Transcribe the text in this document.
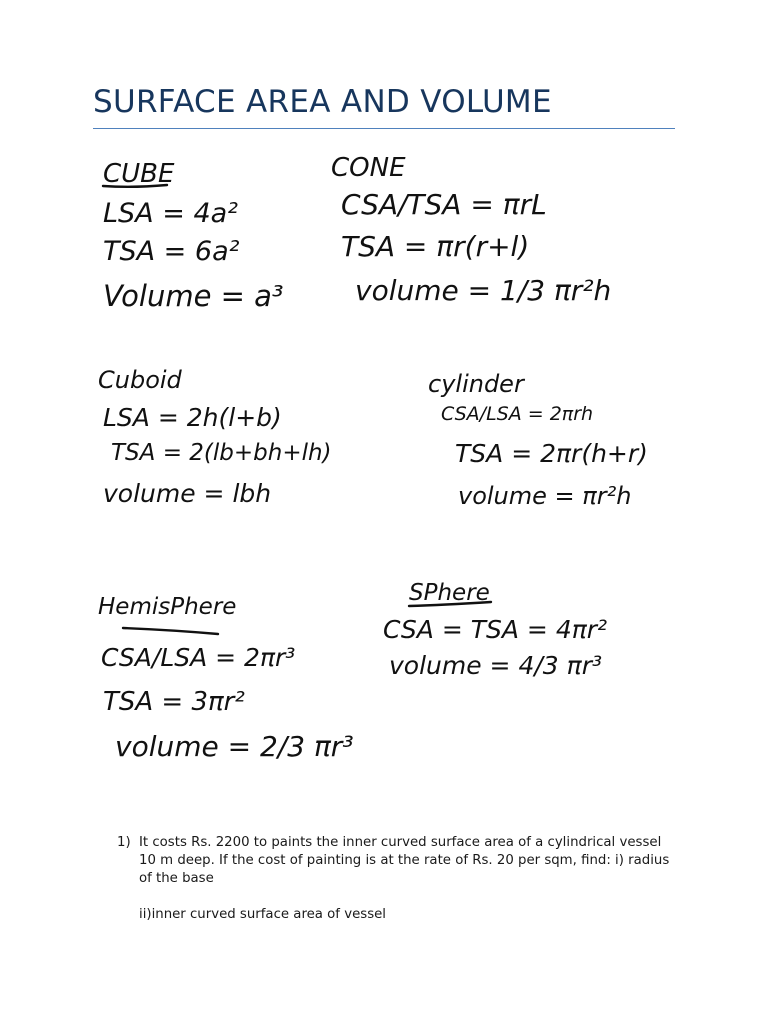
SURFACE AREA AND VOLUME
CUBE
LSA = 4a²
TSA = 6a²
Volume = a³
CONE
CSA/TSA = πrL
TSA = πr(r+l)
volume = 1/3 πr²h
Cuboid
LSA = 2h(l+b)
TSA = 2(lb+bh+lh)
volume = lbh
cylinder
CSA/LSA = 2πrh
TSA = 2πr(h+r)
volume = πr²h
HemisPhere
CSA/LSA = 2πr³
TSA = 3πr²
volume = 2/3 πr³
SPhere
CSA = TSA = 4πr²
volume = 4/3 πr³
1) It costs Rs. 2200 to paints the inner curved surface area of a cylindrical vessel 10 m deep. If the cost of painting is at the rate of Rs. 20 per sqm, find: i) radius of the base
ii)inner curved surface area of vessel
